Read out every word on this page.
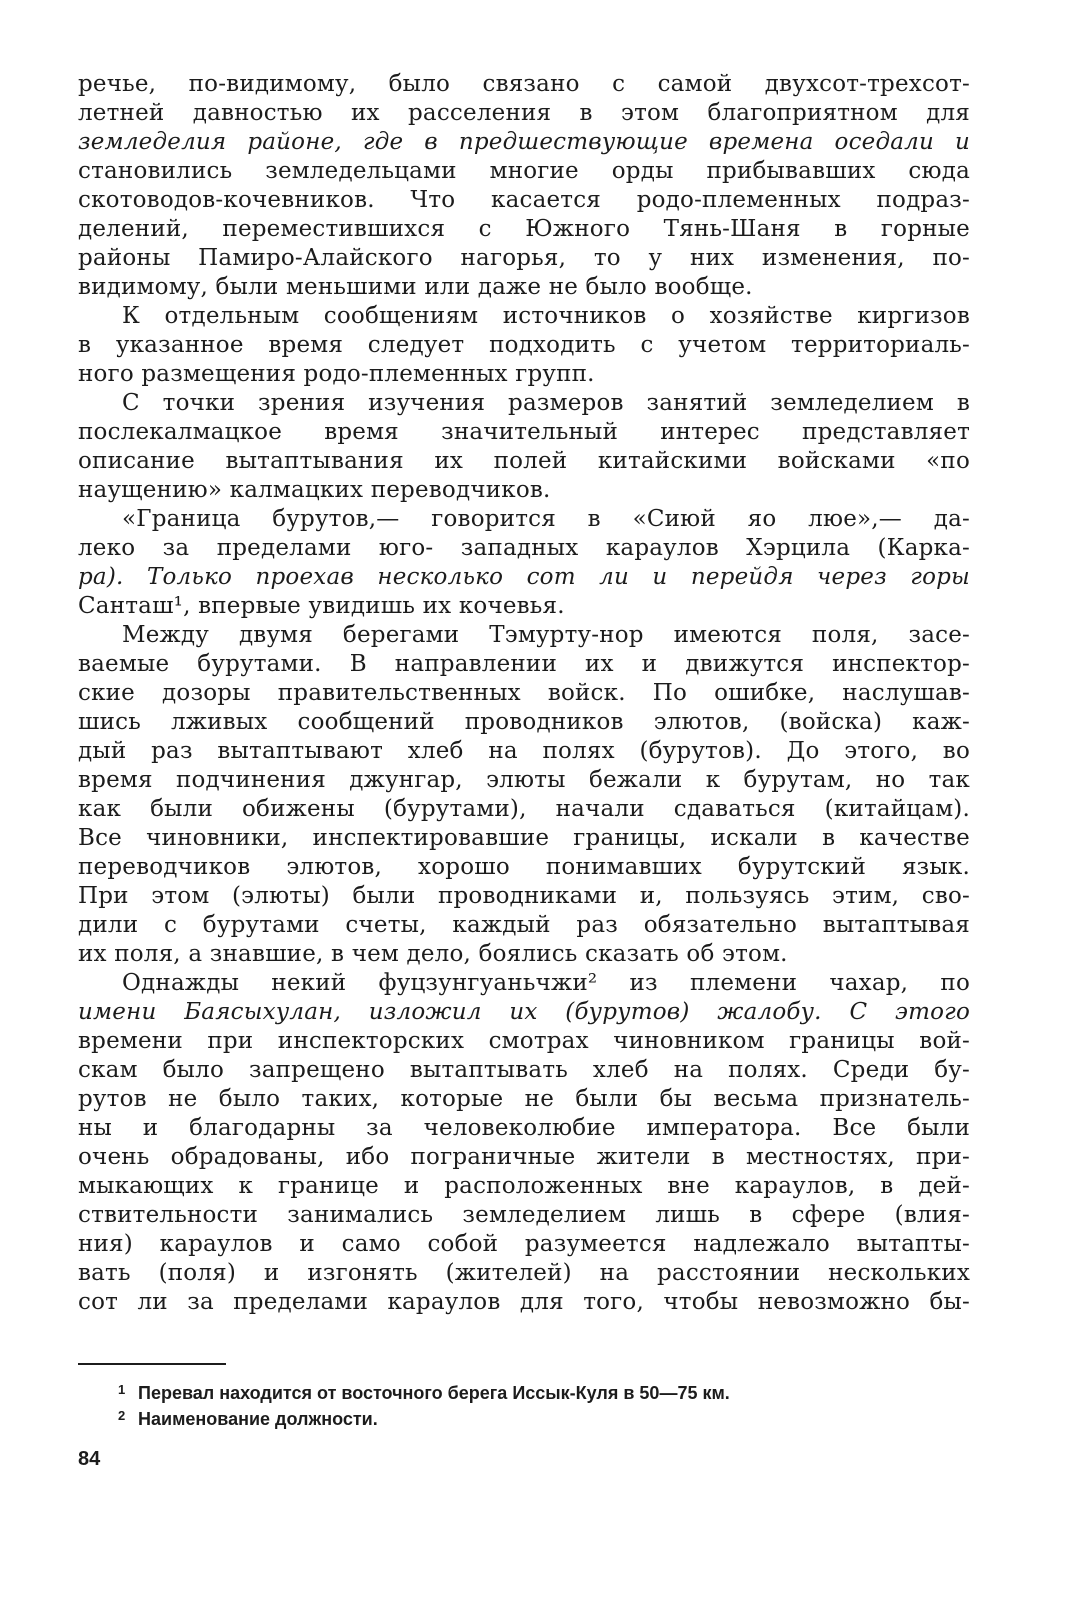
речье, по-видимому, было связано с самой двухсот-трехсот-
летней давностью их расселения в этом благоприятном для
земледелия районе, где в предшествующие времена оседали и
становились земледельцами многие орды прибывавших сюда
скотоводов-кочевников. Что касается родо-племенных подраз-
делений, переместившихся с Южного Тянь-Шаня в горные
районы Памиро-Алайского нагорья, то у них изменения, по-
видимому, были меньшими или даже не было вообще.
К отдельным сообщениям источников о хозяйстве киргизов
в указанное время следует подходить с учетом территориаль-
ного размещения родо-племенных групп.
С точки зрения изучения размеров занятий земледелием в
послекалмацкое время значительный интерес представляет
описание вытаптывания их полей китайскими войсками «по
наущению» калмацких переводчиков.
«Граница бурутов,— говорится в «Сиюй яо люе»,— да-
леко за пределами юго- западных караулов Хэрцила (Карка-
ра). Только проехав несколько сот ли и перейдя через горы
Санташ¹, впервые увидишь их кочевья.
Между двумя берегами Тэмурту-нор имеются поля, засе-
ваемые бурутами. В направлении их и движутся инспектор-
ские дозоры правительственных войск. По ошибке, наслушав-
шись лживых сообщений проводников элютов, (войска) каж-
дый раз вытаптывают хлеб на полях (бурутов). До этого, во
время подчинения джунгар, элюты бежали к бурутам, но так
как были обижены (бурутами), начали сдаваться (китайцам).
Все чиновники, инспектировавшие границы, искали в качестве
переводчиков элютов, хорошо понимавших бурутский язык.
При этом (элюты) были проводниками и, пользуясь этим, сво-
дили с бурутами счеты, каждый раз обязательно вытаптывая
их поля, а знавшие, в чем дело, боялись сказать об этом.
Однажды некий фуцзунгуаньчжи² из племени чахар, по
имени Баясыхулан, изложил их (бурутов) жалобу. С этого
времени при инспекторских смотрах чиновником границы вой-
скам было запрещено вытаптывать хлеб на полях. Среди бу-
рутов не было таких, которые не были бы весьма признатель-
ны и благодарны за человеколюбие императора. Все были
очень обрадованы, ибо пограничные жители в местностях, при-
мыкающих к границе и расположенных вне караулов, в дей-
ствительности занимались земледелием лишь в сфере (влия-
ния) караулов и само собой разумеется надлежало вытапты-
вать (поля) и изгонять (жителей) на расстоянии нескольких
сот ли за пределами караулов для того, чтобы невозможно бы-
1 Перевал находится от восточного берега Иссык-Куля в 50—75 км.
2 Наименование должности.
84
